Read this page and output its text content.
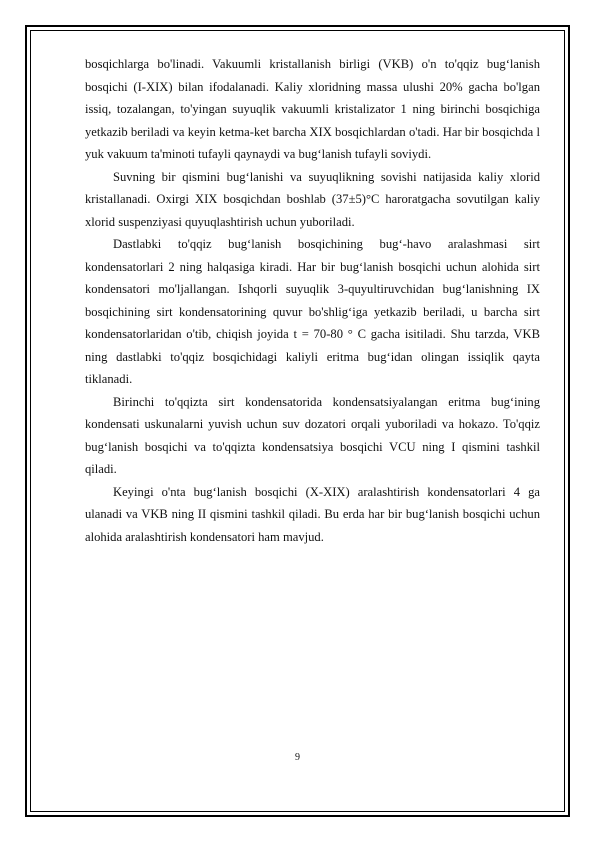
bosqichlarga bo'linadi. Vakuumli kristallanish birligi (VKB) o'n to'qqiz bug‘lanish bosqichi (I-XIX) bilan ifodalanadi. Kaliy xloridning massa ulushi 20% gacha bo'lgan issiq, tozalangan, to'yingan suyuqlik vakuumli kristalizator 1 ning birinchi bosqichiga yetkazib beriladi va keyin ketma-ket barcha XIX bosqichlardan o'tadi. Har bir bosqichda l yuk vakuum ta'minoti tufayli qaynaydi va bug‘lanish tufayli soviydi.

Suvning bir qismini bug‘lanishi va suyuqlikning sovishi natijasida kaliy xlorid kristallanadi. Oxirgi XIX bosqichdan boshlab (37±5)°C haroratgacha sovutilgan kaliy xlorid suspenziyasi quyuqlashtirish uchun yuboriladi.

Dastlabki to'qqiz bug‘lanish bosqichining bug‘-havo aralashmasi sirt kondensatorlari 2 ning halqasiga kiradi. Har bir bug‘lanish bosqichi uchun alohida sirt kondensatori mo'ljallangan. Ishqorli suyuqlik 3-quyultiruvchidan bug‘lanishning IX bosqichining sirt kondensatorining quvur bo'shlig‘iga yetkazib beriladi, u barcha sirt kondensatorlaridan o'tib, chiqish joyida t = 70-80 ° C gacha isitiladi. Shu tarzda, VKB ning dastlabki to'qqiz bosqichidagi kaliyli eritma bug‘idan olingan issiqlik qayta tiklanadi.

Birinchi to'qqizta sirt kondensatorida kondensatsiyalangan eritma bug‘ining kondensati uskunalarni yuvish uchun suv dozatori orqali yuboriladi va hokazo. To'qqiz bug‘lanish bosqichi va to'qqizta kondensatsiya bosqichi VCU ning I qismini tashkil qiladi.

Keyingi o'nta bug‘lanish bosqichi (X-XIX) aralashtirish kondensatorlari 4 ga ulanadi va VKB ning II qismini tashkil qiladi. Bu erda har bir bug‘lanish bosqichi uchun alohida aralashtirish kondensatori ham mavjud.

9
